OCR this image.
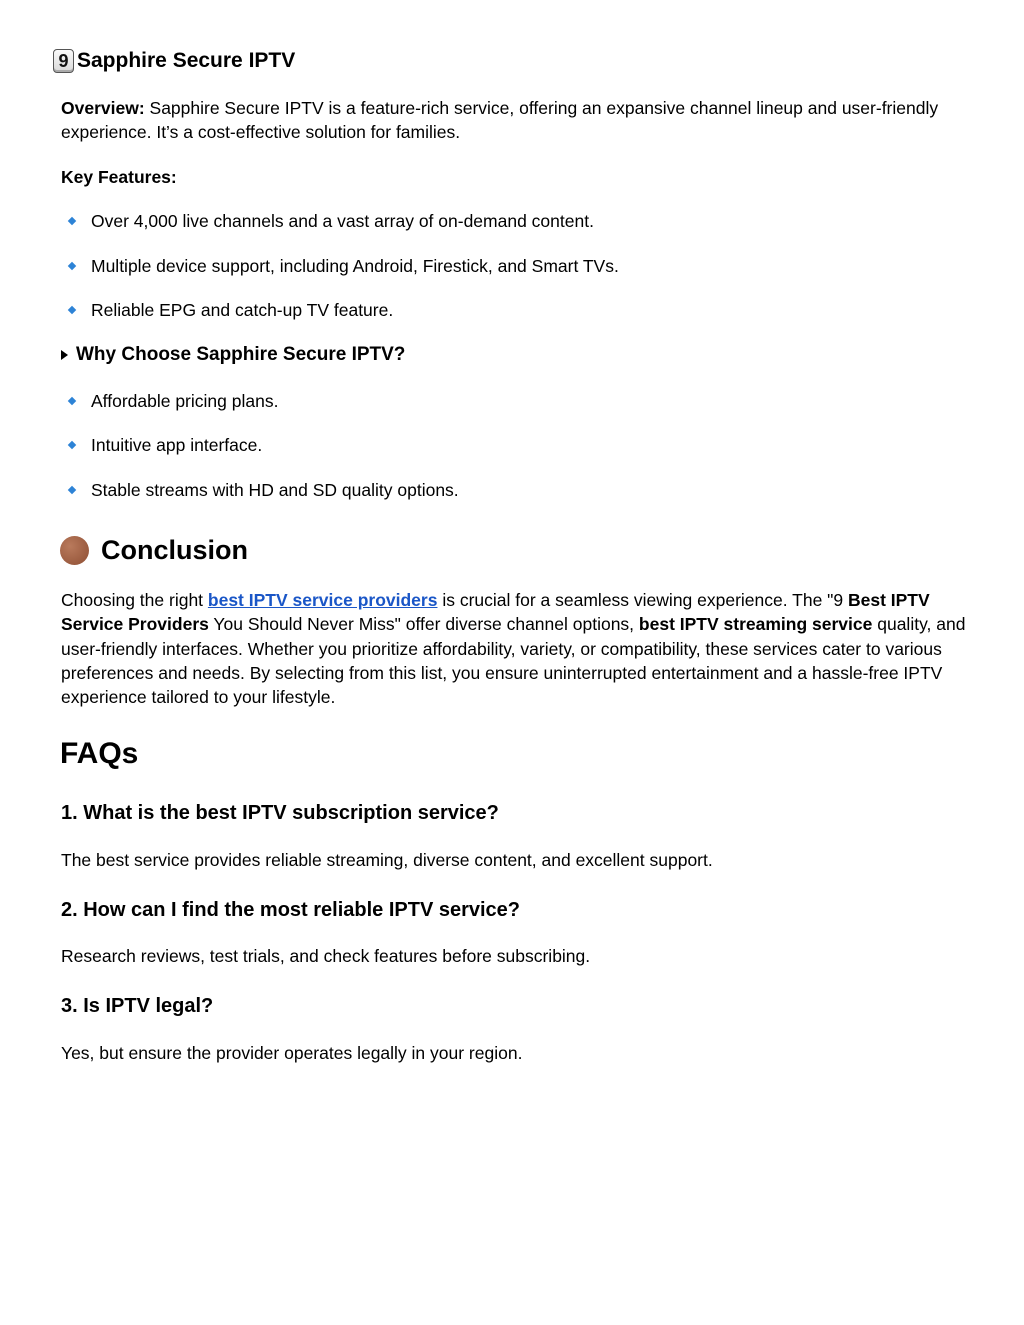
9 Sapphire Secure IPTV
Overview: Sapphire Secure IPTV is a feature-rich service, offering an expansive channel lineup and user-friendly experience. It’s a cost-effective solution for families.
Key Features:
Over 4,000 live channels and a vast array of on-demand content.
Multiple device support, including Android, Firestick, and Smart TVs.
Reliable EPG and catch-up TV feature.
Why Choose Sapphire Secure IPTV?
Affordable pricing plans.
Intuitive app interface.
Stable streams with HD and SD quality options.
Conclusion
Choosing the right best IPTV service providers is crucial for a seamless viewing experience. The "9 Best IPTV Service Providers You Should Never Miss" offer diverse channel options, best IPTV streaming service quality, and user-friendly interfaces. Whether you prioritize affordability, variety, or compatibility, these services cater to various preferences and needs. By selecting from this list, you ensure uninterrupted entertainment and a hassle-free IPTV experience tailored to your lifestyle.
FAQs
1. What is the best IPTV subscription service?
The best service provides reliable streaming, diverse content, and excellent support.
2. How can I find the most reliable IPTV service?
Research reviews, test trials, and check features before subscribing.
3. Is IPTV legal?
Yes, but ensure the provider operates legally in your region.
